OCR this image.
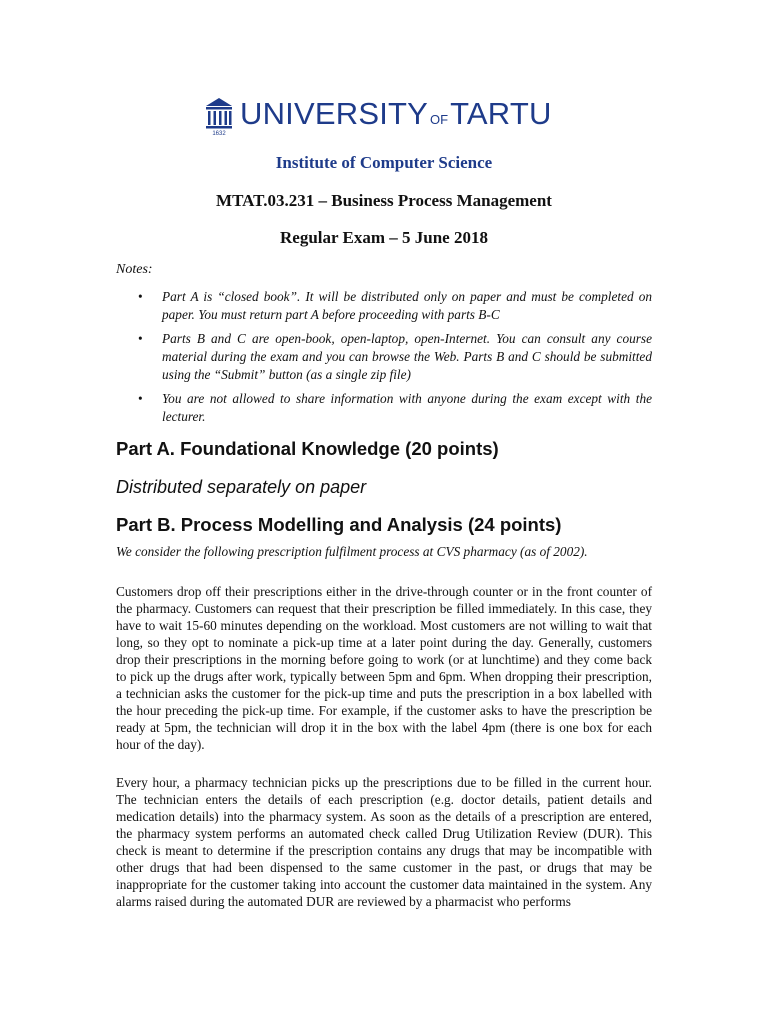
1632
UNIVERSITY OF TARTU
Institute of Computer Science
MTAT.03.231 – Business Process Management
Regular Exam – 5 June 2018
Notes:
• Part A is “closed book”. It will be distributed only on paper and must be completed on paper. You must return part A before proceeding with parts B-C
• Parts B and C are open-book, open-laptop, open-Internet. You can consult any course material during the exam and you can browse the Web. Parts B and C should be submitted using the “Submit” button (as a single zip file)
• You are not allowed to share information with anyone during the exam except with the lecturer.
Part A. Foundational Knowledge (20 points)
Distributed separately on paper
Part B. Process Modelling and Analysis (24 points)

We consider the following prescription fulfilment process at CVS pharmacy (as of 2002).

Customers drop off their prescriptions either in the drive-through counter or in the front counter of the pharmacy. Customers can request that their prescription be filled immediately. In this case, they have to wait 15-60 minutes depending on the workload. Most customers are not willing to wait that long, so they opt to nominate a pick-up time at a later point during the day. Generally, customers drop their prescriptions in the morning before going to work (or at lunchtime) and they come back to pick up the drugs after work, typically between 5pm and 6pm. When dropping their prescription, a technician asks the customer for the pick-up time and puts the prescription in a box labelled with the hour preceding the pick-up time. For example, if the customer asks to have the prescription be ready at 5pm, the technician will drop it in the box with the label 4pm (there is one box for each hour of the day).

Every hour, a pharmacy technician picks up the prescriptions due to be filled in the current hour. The technician enters the details of each prescription (e.g. doctor details, patient details and medication details) into the pharmacy system. As soon as the details of a prescription are entered, the pharmacy system performs an automated check called Drug Utilization Review (DUR). This check is meant to determine if the prescription contains any drugs that may be incompatible with other drugs that had been dispensed to the same customer in the past, or drugs that may be inappropriate for the customer taking into account the customer data maintained in the system. Any alarms raised during the automated DUR are reviewed by a pharmacist who performs
